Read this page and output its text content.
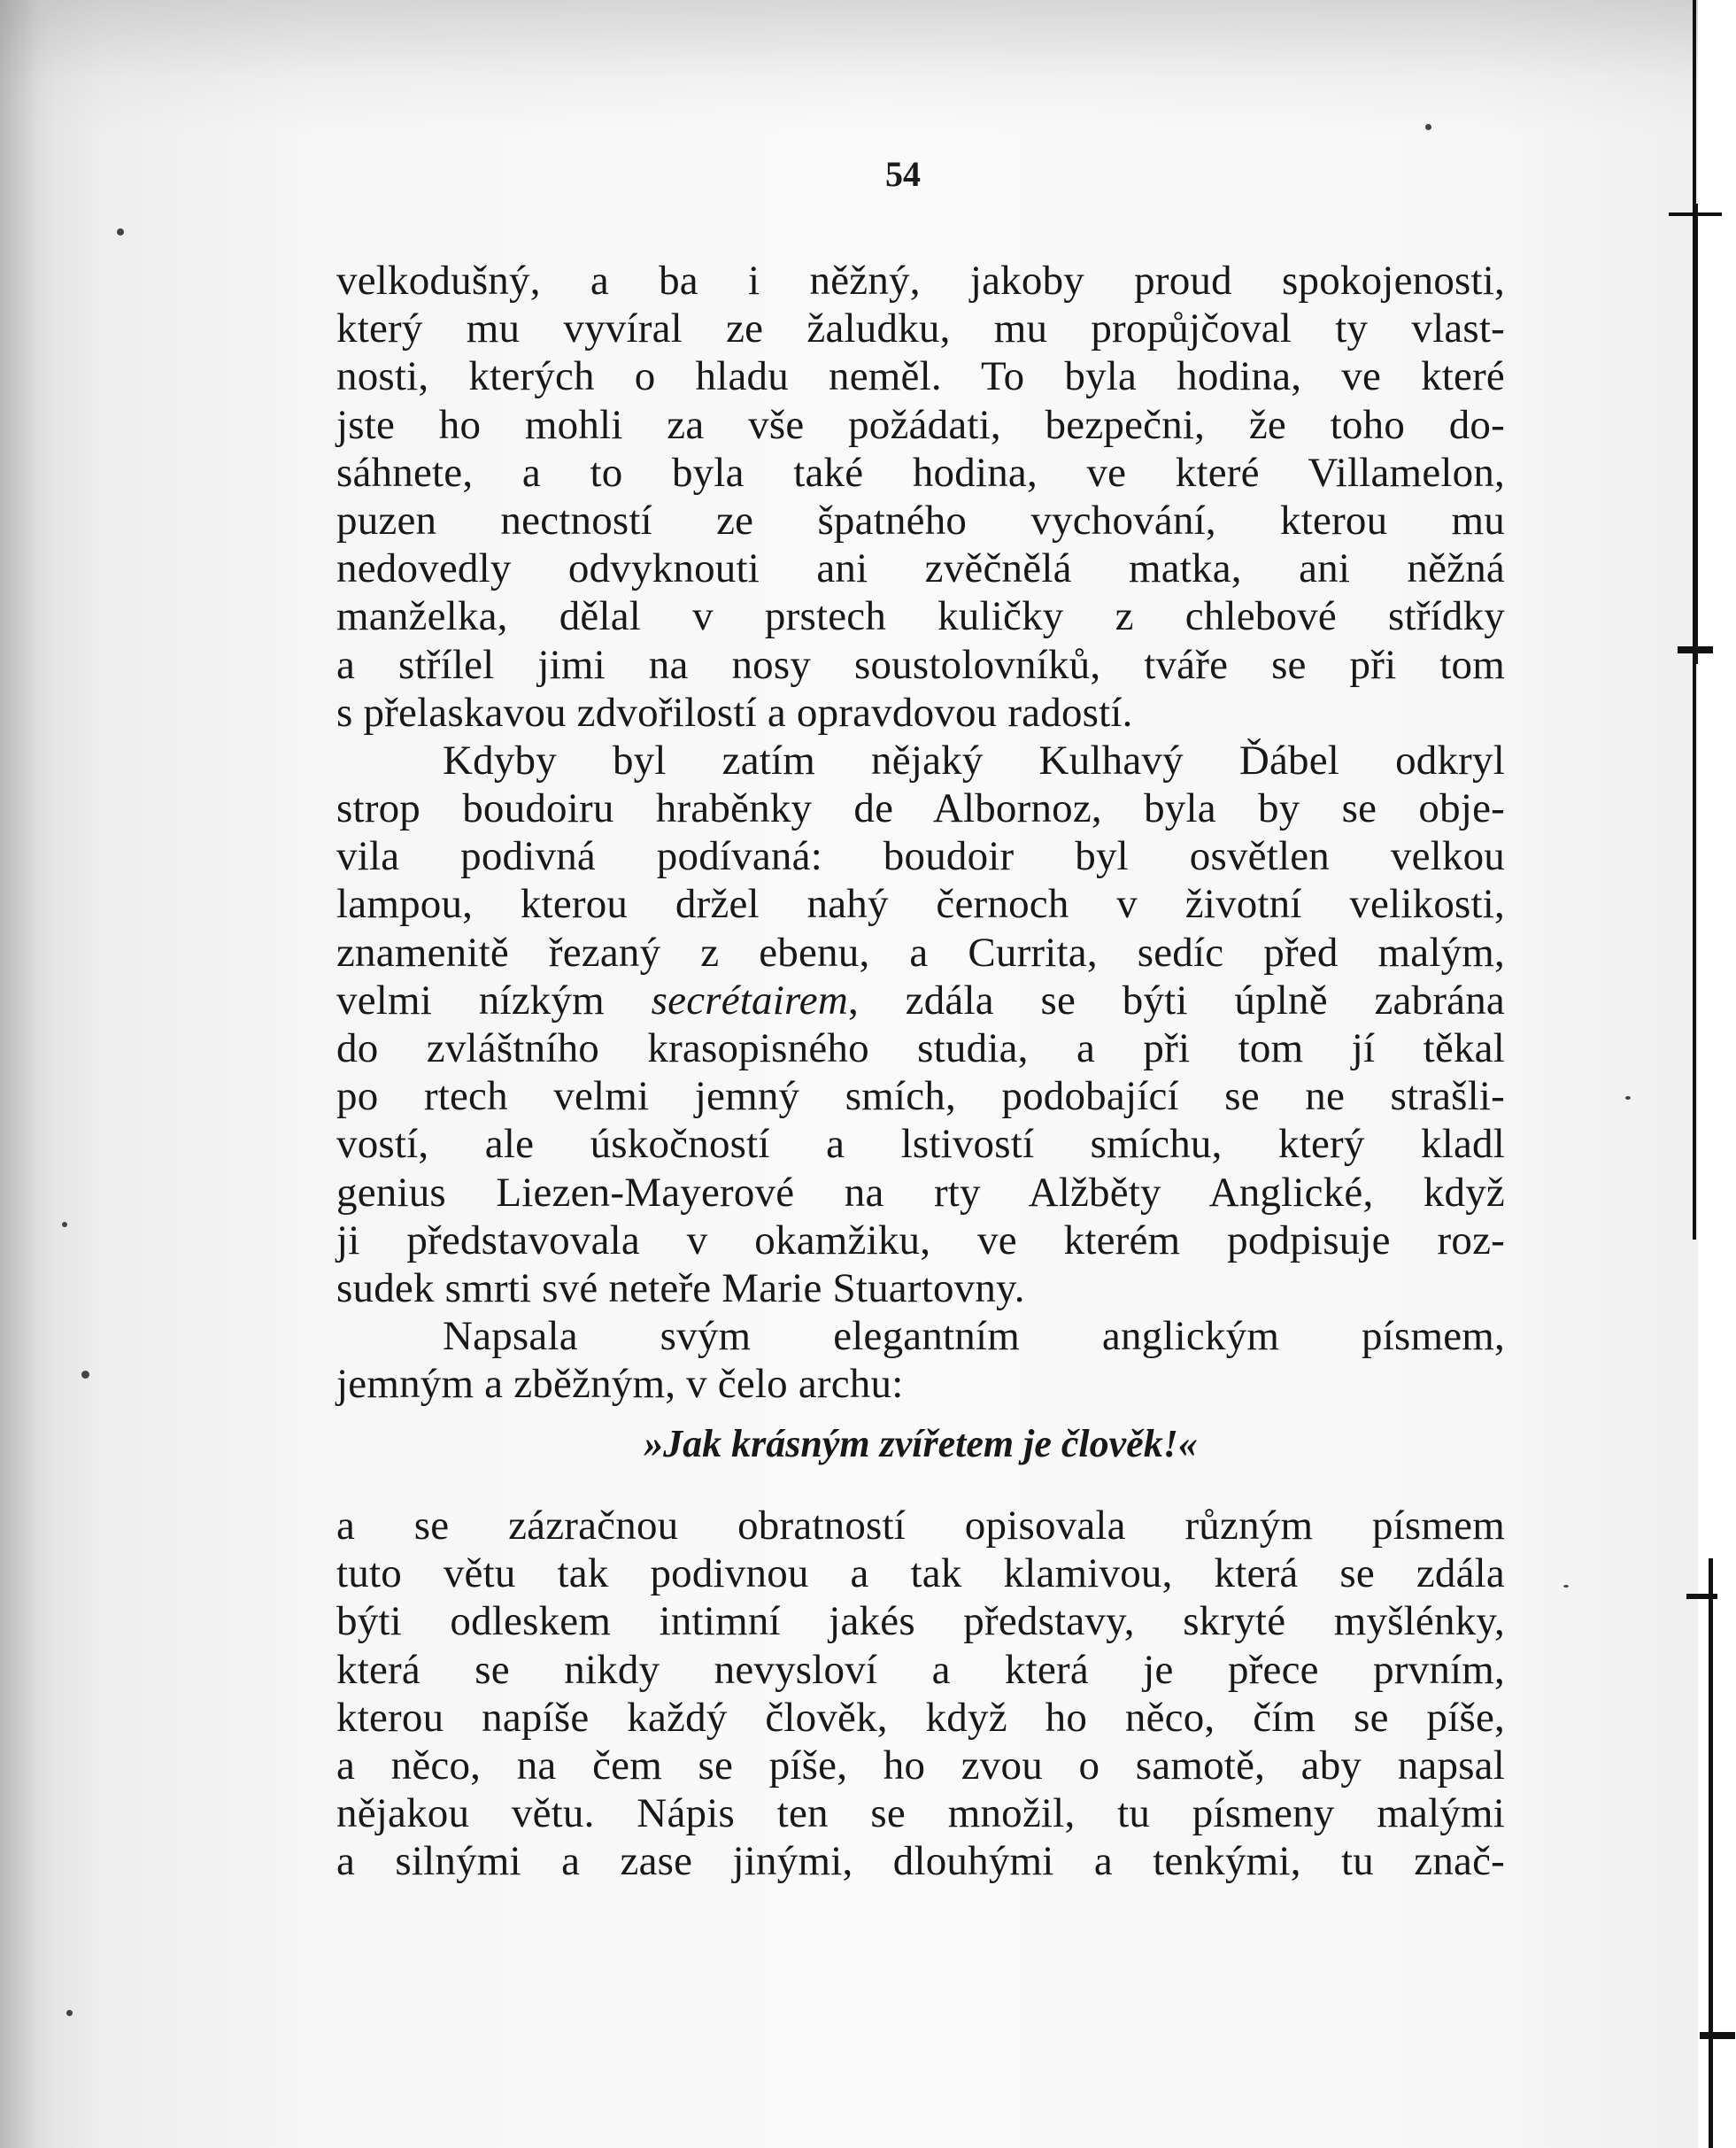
54
velkodušný, a ba i něžný, jakoby proud spokojenosti,
který mu vyvíral ze žaludku, mu propůjčoval ty vlast-
nosti, kterých o hladu neměl. To byla hodina, ve které
jste ho mohli za vše požádati, bezpečni, že toho do-
sáhnete, a to byla také hodina, ve které Villamelon,
puzen nectností ze špatného vychování, kterou mu
nedovedly odvyknouti ani zvěčnělá matka, ani něžná
manželka, dělal v prstech kuličky z chlebové střídky
a střílel jimi na nosy soustolovníků, tváře se při tom
s přelaskavou zdvořilostí a opravdovou radostí.
Kdyby byl zatím nějaký Kulhavý Ďábel odkryl
strop boudoiru hraběnky de Albornoz, byla by se obje-
vila podivná podívaná: boudoir byl osvětlen velkou
lampou, kterou držel nahý černoch v životní velikosti,
znamenitě řezaný z ebenu, a Currita, sedíc před malým,
velmi nízkým secrétairem, zdála se býti úplně zabrána
do zvláštního krasopisného studia, a při tom jí těkal
po rtech velmi jemný smích, podobající se ne strašli-
vostí, ale úskočností a lstivostí smíchu, který kladl
genius Liezen-Mayerové na rty Alžběty Anglické, když
ji představovala v okamžiku, ve kterém podpisuje roz-
sudek smrti své neteře Marie Stuartovny.
Napsala svým elegantním anglickým písmem,
jemným a zběžným, v čelo archu:
»Jak krásným zvířetem je člověk!«
a se zázračnou obratností opisovala různým písmem
tuto větu tak podivnou a tak klamivou, která se zdála
býti odleskem intimní jakés představy, skryté myšlénky,
která se nikdy nevysloví a která je přece prvním,
kterou napíše každý člověk, když ho něco, čím se píše,
a něco, na čem se píše, ho zvou o samotě, aby napsal
nějakou větu. Nápis ten se množil, tu písmeny malými
a silnými a zase jinými, dlouhými a tenkými, tu znač-
